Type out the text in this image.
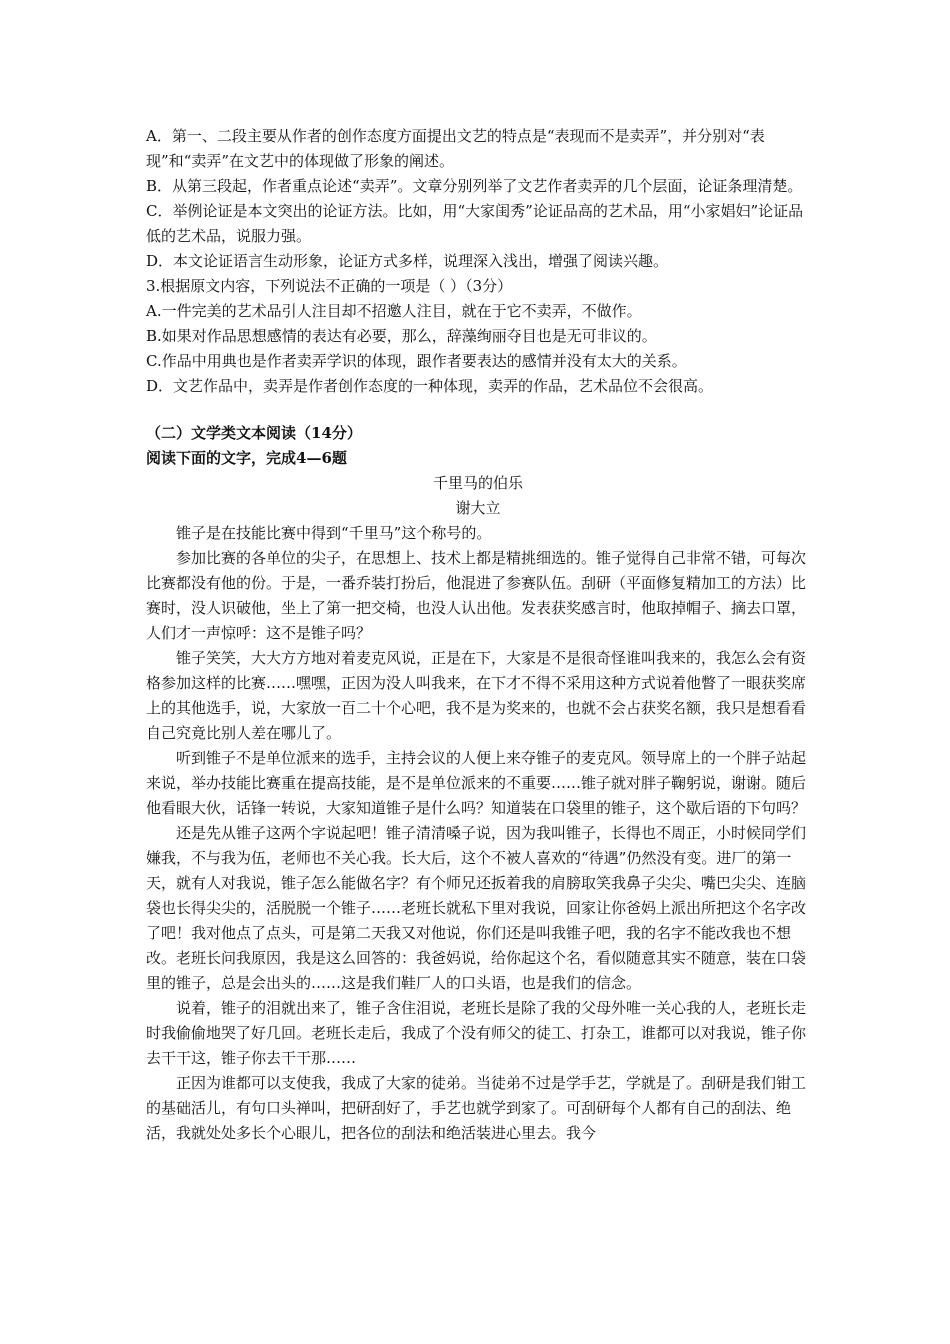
A．第一、二段主要从作者的创作态度方面提出文艺的特点是“表现而不是卖弄”，并分别对“表现”和“卖弄”在文艺中的体现做了形象的阐述。

B．从第三段起，作者重点论述“卖弄”。文章分别列举了文艺作者卖弄的几个层面，论证条理清楚。

C．举例论证是本文突出的论证方法。比如，用“大家闺秀”论证品高的艺术品，用“小家娼妇”论证品低的艺术品，说服力强。

D．本文论证语言生动形象，论证方式多样，说理深入浅出，增强了阅读兴趣。

3.根据原文内容，下列说法不正确的一项是（ ）（3分）

A.一件完美的艺术品引人注目却不招邀人注目，就在于它不卖弄，不做作。

B.如果对作品思想感情的表达有必要，那么，辞藻绚丽夺目也是无可非议的。

C.作品中用典也是作者卖弄学识的体现，跟作者要表达的感情并没有太大的关系。

D．文艺作品中，卖弄是作者创作态度的一种体现，卖弄的作品，艺术品位不会很高。

（二）文学类文本阅读（14分）

阅读下面的文字，完成4—6题

千里马的伯乐

谢大立

锥子是在技能比赛中得到“千里马”这个称号的。

参加比赛的各单位的尖子，在思想上、技术上都是精挑细选的。锥子觉得自己非常不错，可每次比赛都没有他的份。于是，一番乔装打扮后，他混进了参赛队伍。刮研（平面修复精加工的方法）比赛时，没人识破他，坐上了第一把交椅，也没人认出他。发表获奖感言时，他取掉帽子、摘去口罩，人们才一声惊呼：这不是锥子吗？

锥子笑笑，大大方方地对着麦克风说，正是在下，大家是不是很奇怪谁叫我来的，我怎么会有资格参加这样的比赛……嘿嘿，正因为没人叫我来，在下才不得不采用这种方式说着他瞥了一眼获奖席上的其他选手，说，大家放一百二十个心吧，我不是为奖来的，也就不会占获奖名额，我只是想看看自己究竟比别人差在哪儿了。

听到锥子不是单位派来的选手，主持会议的人便上来夺锥子的麦克风。领导席上的一个胖子站起来说，举办技能比赛重在提高技能，是不是单位派来的不重要……锥子就对胖子鞠躬说，谢谢。随后他看眼大伙，话锋一转说，大家知道锥子是什么吗？知道装在口袋里的锥子，这个歇后语的下句吗？

还是先从锥子这两个字说起吧！锥子清清嗓子说，因为我叫锥子，长得也不周正，小时候同学们嫌我，不与我为伍，老师也不关心我。长大后，这个不被人喜欢的“待遇”仍然没有变。进厂的第一天，就有人对我说，锥子怎么能做名字？有个师兄还扳着我的肩膀取笑我鼻子尖尖、嘴巴尖尖、连脑袋也长得尖尖的，活脱脱一个锥子……老班长就私下里对我说，回家让你爸妈上派出所把这个名字改了吧！我对他点了点头，可是第二天我又对他说，你们还是叫我锥子吧，我的名字不能改我也不想改。老班长问我原因，我是这么回答的：我爸妈说，给你起这个名，看似随意其实不随意，装在口袋里的锥子，总是会出头的……这是我们鞋厂人的口头语，也是我们的信念。

说着，锥子的泪就出来了，锥子含住泪说，老班长是除了我的父母外唯一关心我的人，老班长走时我偷偷地哭了好几回。老班长走后，我成了个没有师父的徒工、打杂工，谁都可以对我说，锥子你去干干这，锥子你去干干那……

正因为谁都可以支使我，我成了大家的徒弟。当徒弟不过是学手艺，学就是了。刮研是我们钳工的基础活儿，有句口头禅叫，把研刮好了，手艺也就学到家了。可刮研每个人都有自己的刮法、绝活，我就处处多长个心眼儿，把各位的刮法和绝活装进心里去。我今
